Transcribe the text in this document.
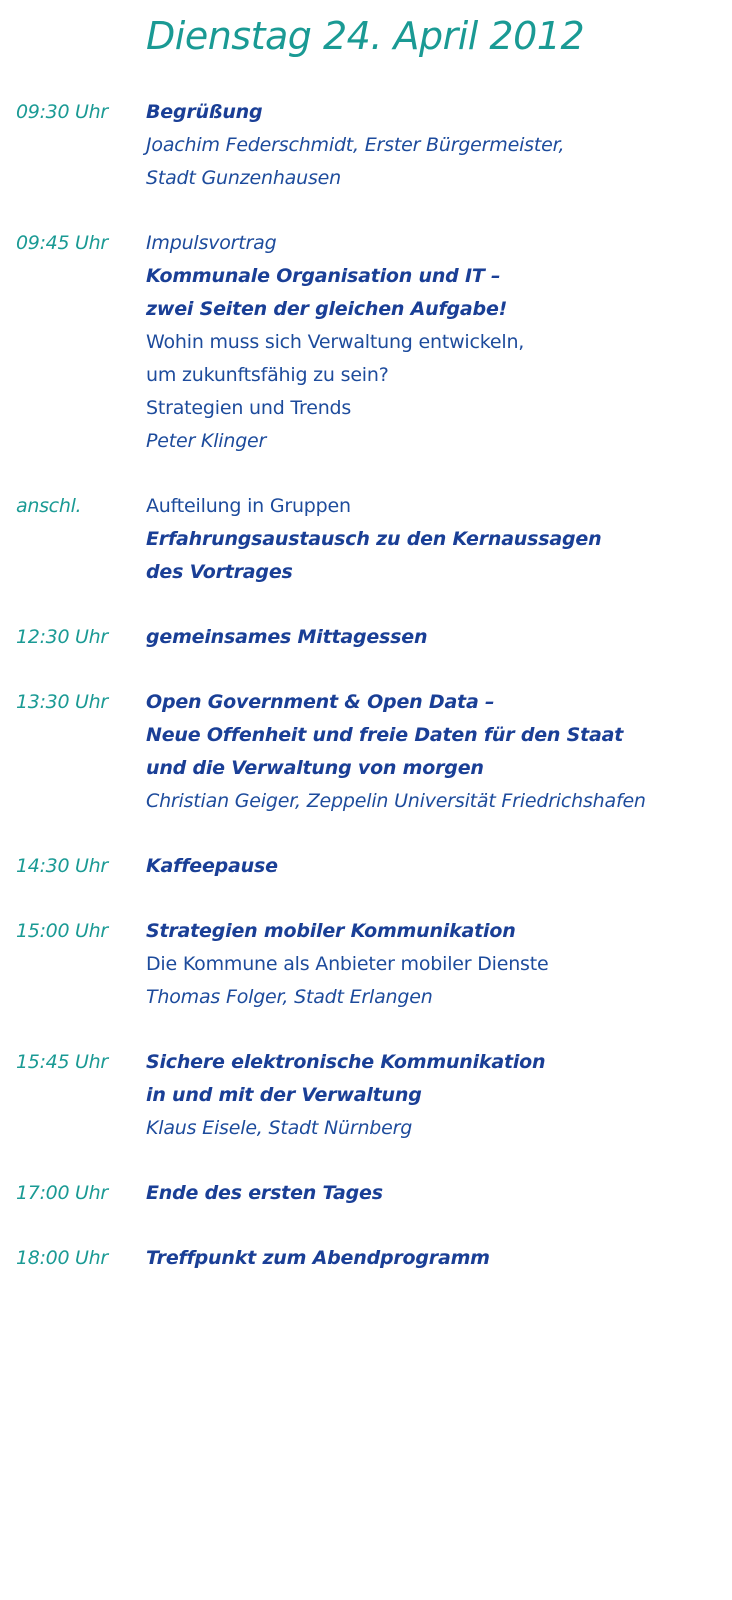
Dienstag 24. April 2012
09:30 Uhr	Begrüßung
Joachim Federschmidt, Erster Bürgermeister,
Stadt Gunzenhausen
09:45 Uhr	Impulsvortrag
Kommunale Organisation und IT –
zwei Seiten der gleichen Aufgabe!
Wohin muss sich Verwaltung entwickeln,
um zukunftsfähig zu sein?
Strategien und Trends
Peter Klinger
anschl.	Aufteilung in Gruppen
Erfahrungsaustausch zu den Kernaussagen
des Vortrages
12:30 Uhr	gemeinsames Mittagessen
13:30 Uhr	Open Government & Open Data –
Neue Offenheit und freie Daten für den Staat
und die Verwaltung von morgen
Christian Geiger, Zeppelin Universität Friedrichshafen
14:30 Uhr	Kaffeepause
15:00 Uhr	Strategien mobiler Kommunikation
Die Kommune als Anbieter mobiler Dienste
Thomas Folger, Stadt Erlangen
15:45 Uhr	Sichere elektronische Kommunikation
in und mit der Verwaltung
Klaus Eisele, Stadt Nürnberg
17:00 Uhr	Ende des ersten Tages
18:00 Uhr	Treffpunkt zum Abendprogramm
